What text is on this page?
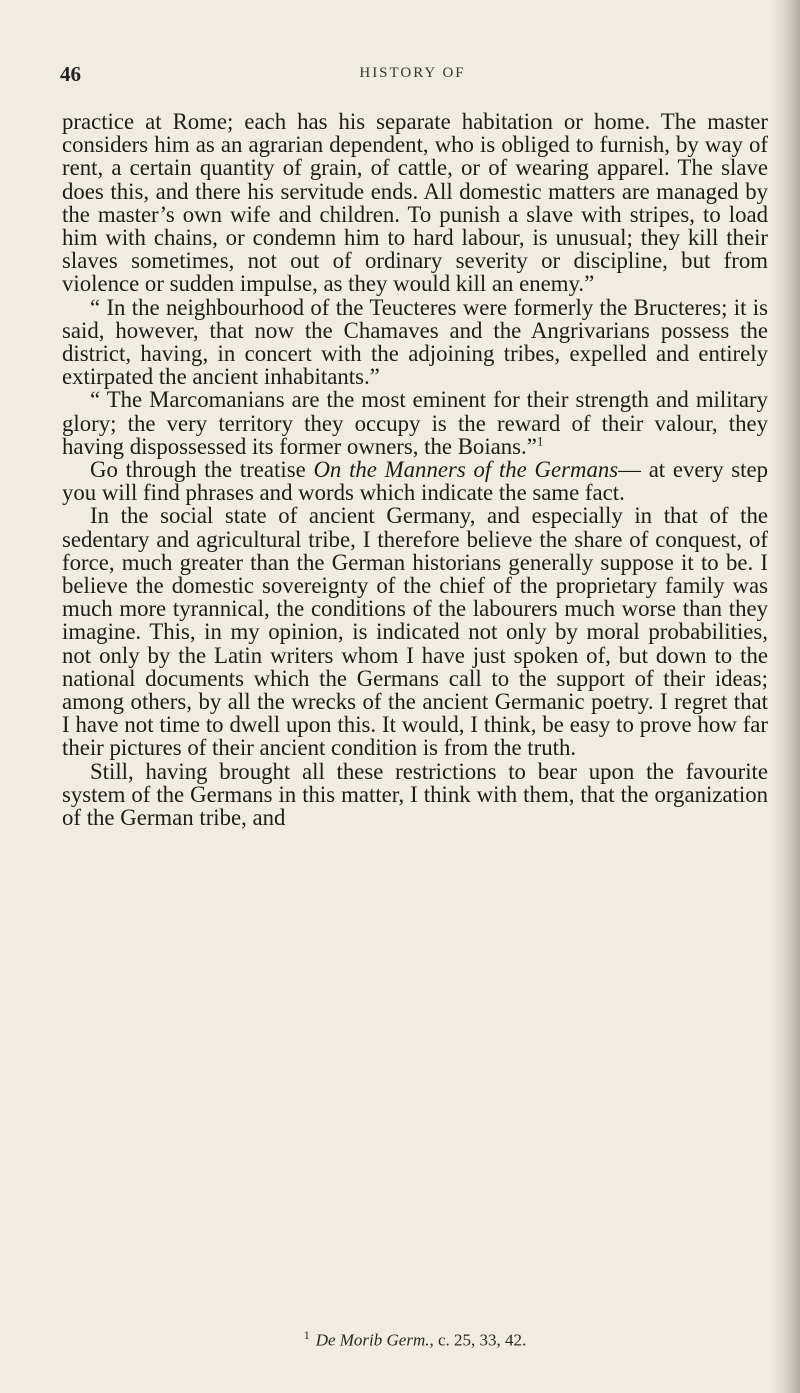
46	HISTORY OF

practice at Rome; each has his separate habitation or home. The master considers him as an agrarian dependent, who is obliged to furnish, by way of rent, a certain quantity of grain, of cattle, or of wearing apparel. The slave does this, and there his servitude ends. All domestic matters are managed by the master’s own wife and children. To punish a slave with stripes, to load him with chains, or condemn him to hard labour, is unusual; they kill their slaves sometimes, not out of ordinary severity or discipline, but from violence or sudden impulse, as they would kill an enemy.”

“ In the neighbourhood of the Teucteres were formerly the Bructeres; it is said, however, that now the Chamaves and the Angrivarians possess the district, having, in concert with the adjoining tribes, expelled and entirely extirpated the ancient inhabitants.”

“ The Marcomanians are the most eminent for their strength and military glory; the very territory they occupy is the reward of their valour, they having dispossessed its former owners, the Boians.”$^1$

Go through the treatise On the Manners of the Germans— at every step you will find phrases and words which indicate the same fact.

In the social state of ancient Germany, and especially in that of the sedentary and agricultural tribe, I therefore believe the share of conquest, of force, much greater than the German historians generally suppose it to be. I believe the domestic sovereignty of the chief of the proprietary family was much more tyrannical, the conditions of the labourers much worse than they imagine. This, in my opinion, is indicated not only by moral probabilities, not only by the Latin writers whom I have just spoken of, but down to the national documents which the Germans call to the support of their ideas; among others, by all the wrecks of the ancient Germanic poetry. I regret that I have not time to dwell upon this. It would, I think, be easy to prove how far their pictures of their ancient condition is from the truth.

Still, having brought all these restrictions to bear upon the favourite system of the Germans in this matter, I think with them, that the organization of the German tribe, and

$^1$ De Morib Germ., c. 25, 33, 42.
